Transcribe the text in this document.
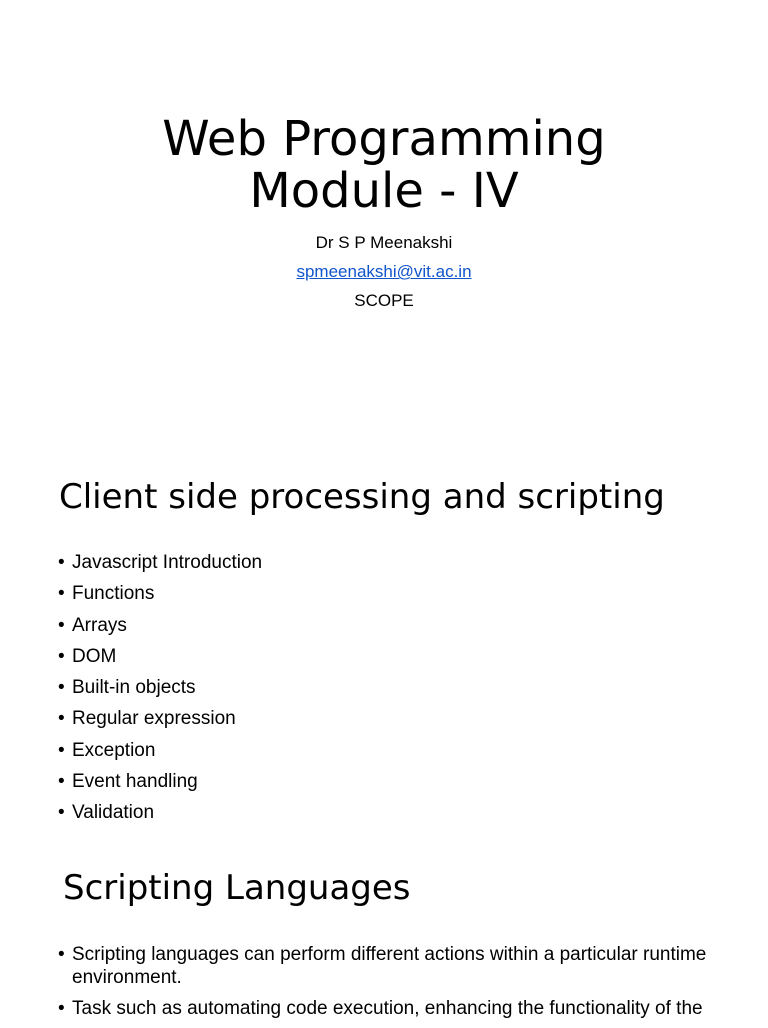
Web Programming
Module - IV
Dr S P Meenakshi
spmeenakshi@vit.ac.in
SCOPE
Client side processing and scripting
• Javascript Introduction
• Functions
• Arrays
• DOM
• Built-in objects
• Regular expression
• Exception
• Event handling
• Validation
Scripting Languages
• Scripting languages can perform different actions within a particular runtime environment.
• Task such as automating code execution, enhancing the functionality of the
